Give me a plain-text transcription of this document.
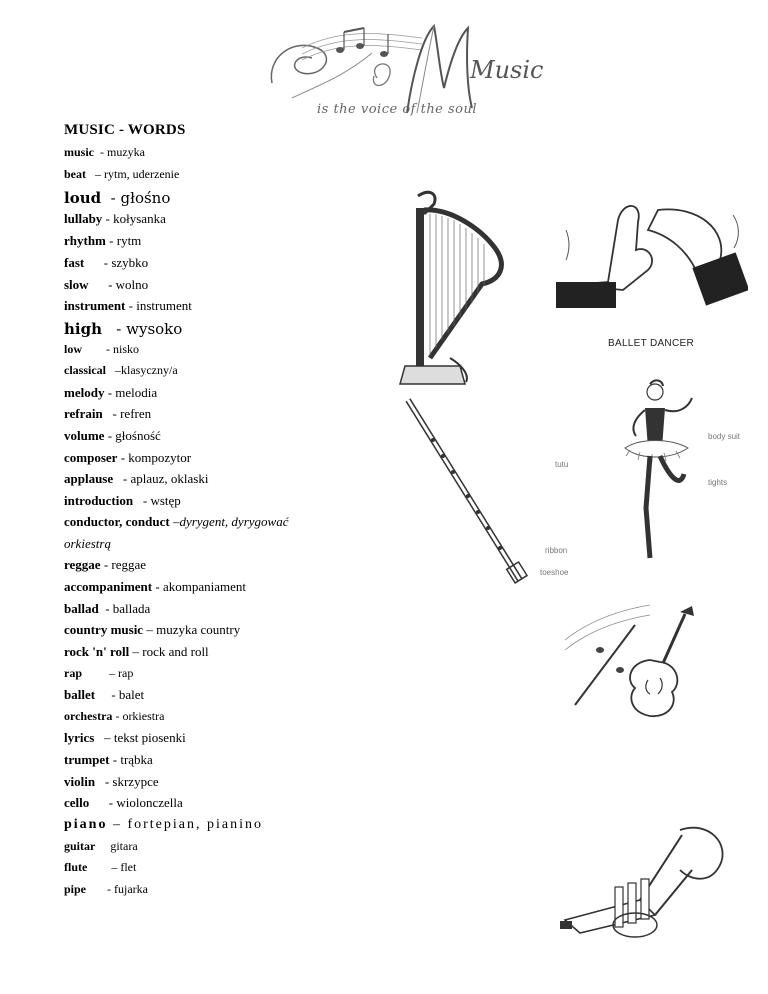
Music
is the voice of the soul
MUSIC - WORDS
music  - muzyka
beat   – rytm, uderzenie
loud  - głośno
lullaby - kołysanka
rhythm - rytm
fast      - szybko
slow      - wolno
instrument - instrument
high   - wysoko
low        - nisko
classical   –klasyczny/a
melody - melodia
refrain   - refren
volume - głośność
composer - kompozytor
applause   - aplauz, oklaski
introduction   - wstęp
conductor, conduct –dyrygent, dyrygować
orkiestrą
reggae - reggae
accompaniment - akompaniament
ballad  - ballada
country music – muzyka country
rock 'n' roll – rock and roll
rap         – rap
ballet     - balet
orchestra - orkiestra
lyrics   – tekst piosenki
trumpet - trąbka
violin   - skrzypce
cello      - wiolonczella
piano – fortepian, pianino
guitar gitara
flute        – flet
pipe       - fujarka
BALLET DANCER
body suit
tutu
tights
ribbon
toeshoe
